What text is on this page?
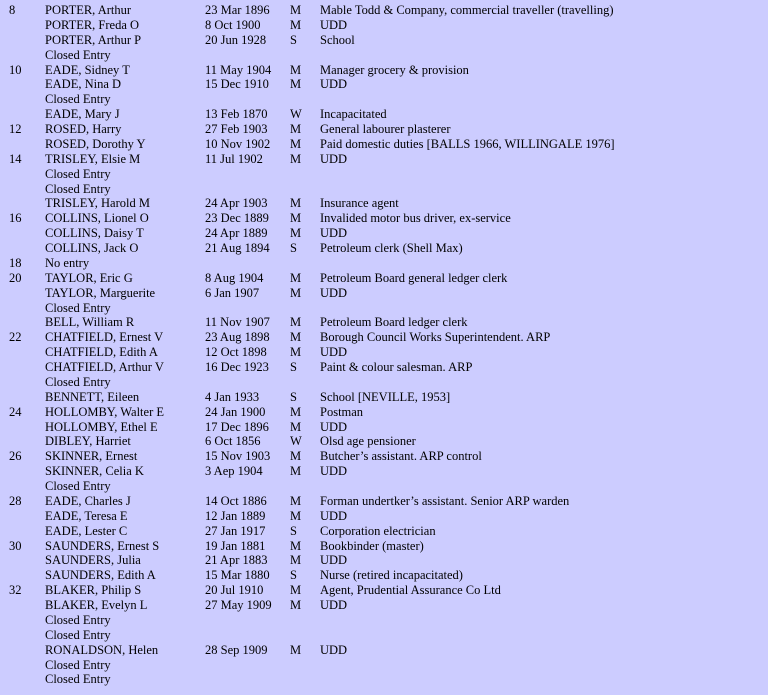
8 PORTER, Arthur	23 Mar 1896 M Mable Todd & Company, commercial traveller (travelling)
PORTER, Freda O	8 Oct 1900 M UDD
PORTER, Arthur P	20 Jun 1928 S School
Closed Entry
10 EADE, Sidney T	11 May 1904 M Manager grocery & provision
EADE, Nina D	15 Dec 1910 M UDD
Closed Entry
EADE, Mary J	13 Feb 1870 W Incapacitated
12 ROSED, Harry	27 Feb 1903 M General labourer plasterer
ROSED, Dorothy Y	10 Nov 1902 M Paid domestic duties [BALLS 1966, WILLINGALE 1976]
14 TRISLEY, Elsie M	11 Jul 1902 M UDD
Closed Entry
Closed Entry
TRISLEY, Harold M	24 Apr 1903 M Insurance agent
16 COLLINS, Lionel O	23 Dec 1889 M Invalided motor bus driver, ex-service
COLLINS, Daisy T	24 Apr 1889 M UDD
COLLINS, Jack O	21 Aug 1894 S Petroleum clerk (Shell Max)
18 No entry
20 TAYLOR, Eric G	8 Aug 1904 M Petroleum Board general ledger clerk
TAYLOR, Marguerite	6 Jan 1907 M UDD
Closed Entry
BELL, William R	11 Nov 1907 M Petroleum Board ledger clerk
22 CHATFIELD, Ernest V	23 Aug 1898 M Borough Council Works Superintendent. ARP
CHATFIELD, Edith A	12 Oct 1898 M UDD
CHATFIELD, Arthur V	16 Dec 1923 S Paint & colour salesman. ARP
Closed Entry
BENNETT, Eileen	4 Jan 1933 S School [NEVILLE, 1953]
24 HOLLOMBY, Walter E	24 Jan 1900 M Postman
HOLLOMBY, Ethel E	17 Dec 1896 M UDD
DIBLEY, Harriet	6 Oct 1856 W Olsd age pensioner
26 SKINNER, Ernest	15 Nov 1903 M Butcher’s assistant. ARP control
SKINNER, Celia K	3 Aep 1904 M UDD
Closed Entry
28 EADE, Charles J	14 Oct 1886 M Forman undertker’s assistant. Senior ARP warden
EADE, Teresa E	12 Jan 1889 M UDD
EADE, Lester C	27 Jan 1917 S Corporation electrician
30 SAUNDERS, Ernest S	19 Jan 1881 M Bookbinder (master)
SAUNDERS, Julia	21 Apr 1883 M UDD
SAUNDERS, Edith A	15 Mar 1880 S Nurse (retired incapacitated)
32 BLAKER, Philip S	20 Jul 1910 M Agent, Prudential Assurance Co Ltd
BLAKER, Evelyn L	27 May 1909 M UDD
Closed Entry
Closed Entry
RONALDSON, Helen	28 Sep 1909 M UDD
Closed Entry
Closed Entry
